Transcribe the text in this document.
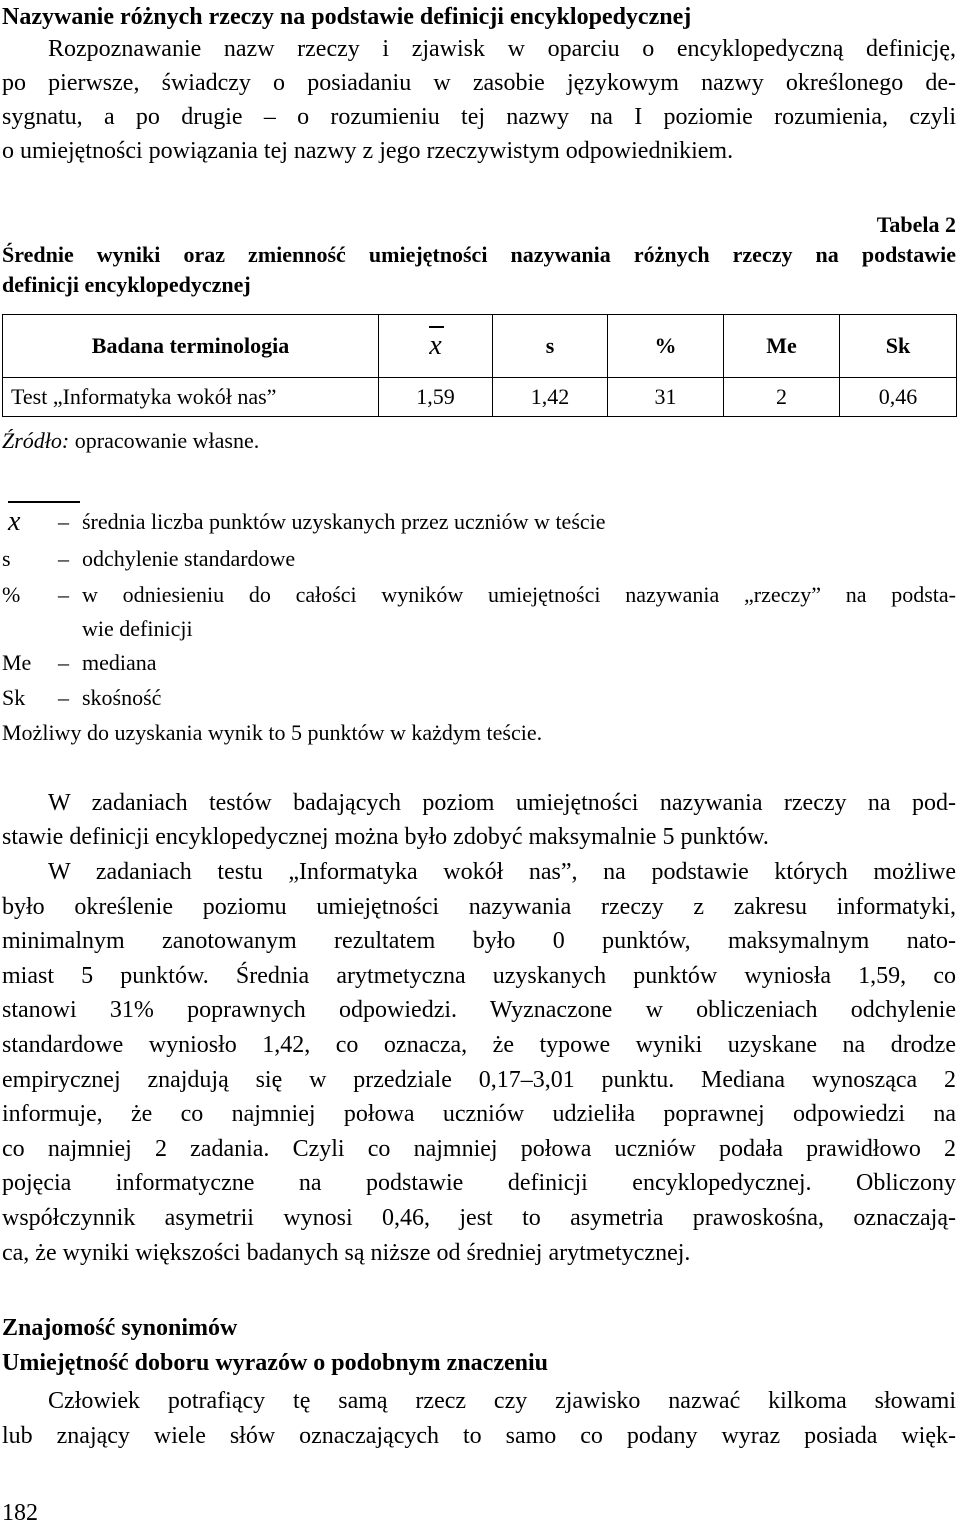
Nazywanie różnych rzeczy na podstawie definicji encyklopedycznej
Rozpoznawanie nazw rzeczy i zjawisk w oparciu o encyklopedyczną definicję,
po pierwsze, świadczy o posiadaniu w zasobie językowym nazwy określonego de-
sygnatu, a po drugie – o rozumieniu tej nazwy na I poziomie rozumienia, czyli
o umiejętności powiązania tej nazwy z jego rzeczywistym odpowiednikiem.
Tabela 2
Średnie wyniki oraz zmienność umiejętności nazywania różnych rzeczy na podstawie
definicji encyklopedycznej
Badana terminologia	x	s	%	Me	Sk
Test „Informatyka wokół nas”	1,59	1,42	31	2	0,46
Źródło: opracowanie własne.
x	– średnia liczba punktów uzyskanych przez uczniów w teście
s	– odchylenie standardowe
%	– w odniesieniu do całości wyników umiejętności nazywania „rzeczy” na podsta-
wie definicji
Me	– mediana
Sk	– skośność
Możliwy do uzyskania wynik to 5 punktów w każdym teście.
W zadaniach testów badających poziom umiejętności nazywania rzeczy na pod-
stawie definicji encyklopedycznej można było zdobyć maksymalnie 5 punktów.
W zadaniach testu „Informatyka wokół nas”, na podstawie których możliwe
było określenie poziomu umiejętności nazywania rzeczy z zakresu informatyki,
minimalnym zanotowanym rezultatem było 0 punktów, maksymalnym nato-
miast 5 punktów. Średnia arytmetyczna uzyskanych punktów wyniosła 1,59, co
stanowi 31% poprawnych odpowiedzi. Wyznaczone w obliczeniach odchylenie
standardowe wyniosło 1,42, co oznacza, że typowe wyniki uzyskane na drodze
empirycznej znajdują się w przedziale 0,17–3,01 punktu. Mediana wynosząca 2
informuje, że co najmniej połowa uczniów udzieliła poprawnej odpowiedzi na
co najmniej 2 zadania. Czyli co najmniej połowa uczniów podała prawidłowo 2
pojęcia informatyczne na podstawie definicji encyklopedycznej. Obliczony
współczynnik asymetrii wynosi 0,46, jest to asymetria prawoskośna, oznaczają-
ca, że wyniki większości badanych są niższe od średniej arytmetycznej.
Znajomość synonimów
Umiejętność doboru wyrazów o podobnym znaczeniu
Człowiek potrafiący tę samą rzecz czy zjawisko nazwać kilkoma słowami
lub znający wiele słów oznaczających to samo co podany wyraz posiada więk-
182
